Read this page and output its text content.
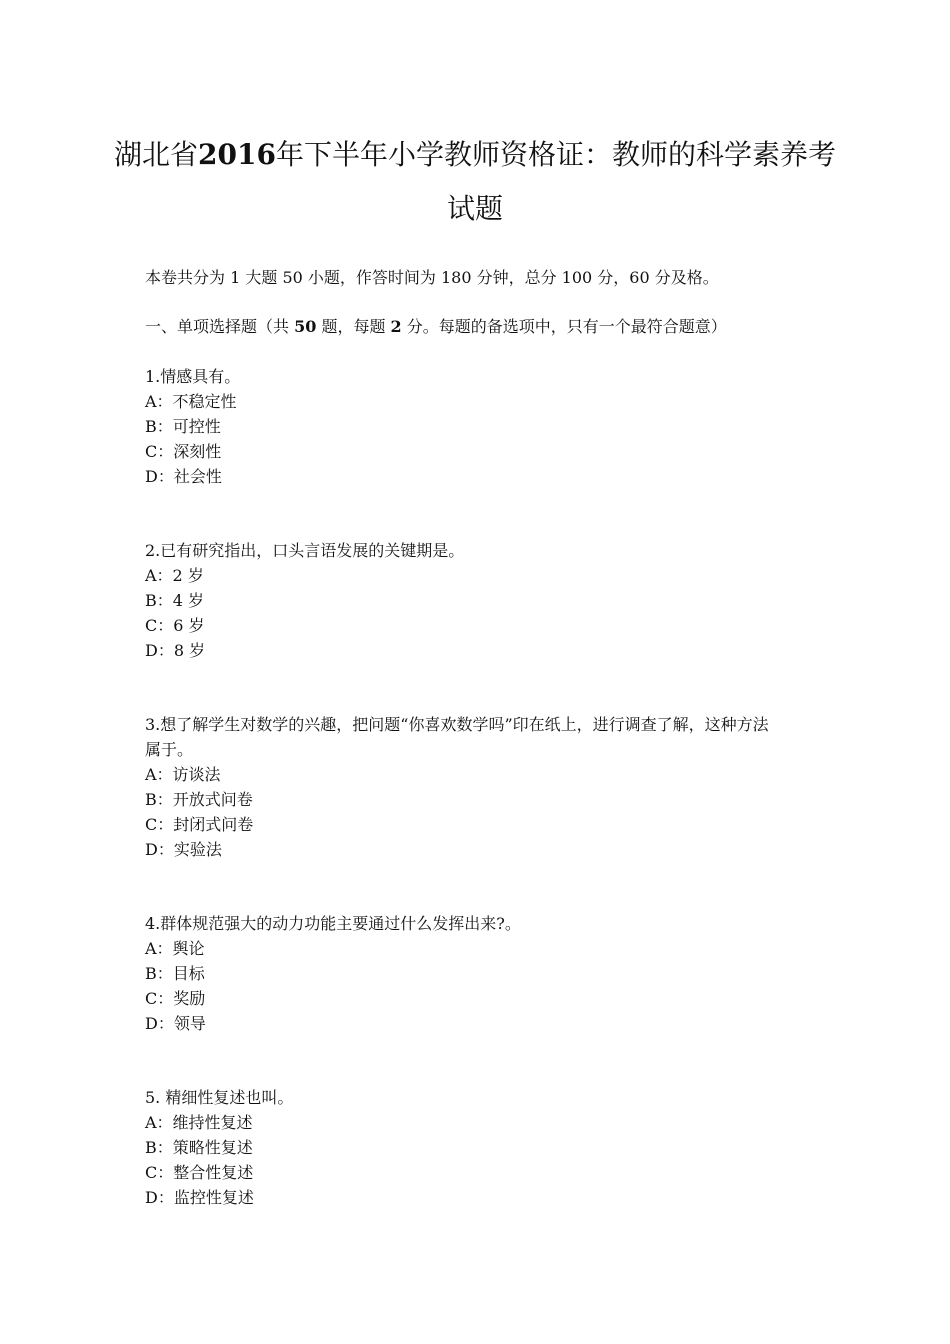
湖北省2016年下半年小学教师资格证：教师的科学素养考
试题

本卷共分为 1 大题 50 小题，作答时间为 180 分钟，总分 100 分，60 分及格。

一、单项选择题（共 50 题，每题 2 分。每题的备选项中，只有一个最符合题意）

1.情感具有。

A：不稳定性

B：可控性

C：深刻性

D：社会性

2.已有研究指出，口头言语发展的关键期是。

A：2 岁

B：4 岁

C：6 岁

D：8 岁

3.想了解学生对数学的兴趣，把问题“你喜欢数学吗”印在纸上，进行调查了解，这种方法

属于。

A：访谈法

B：开放式问卷

C：封闭式问卷

D：实验法

4.群体规范强大的动力功能主要通过什么发挥出来?。

A：舆论

B：目标

C：奖励

D：领导

5. 精细性复述也叫。

A：维持性复述

B：策略性复述

C：整合性复述

D：监控性复述
